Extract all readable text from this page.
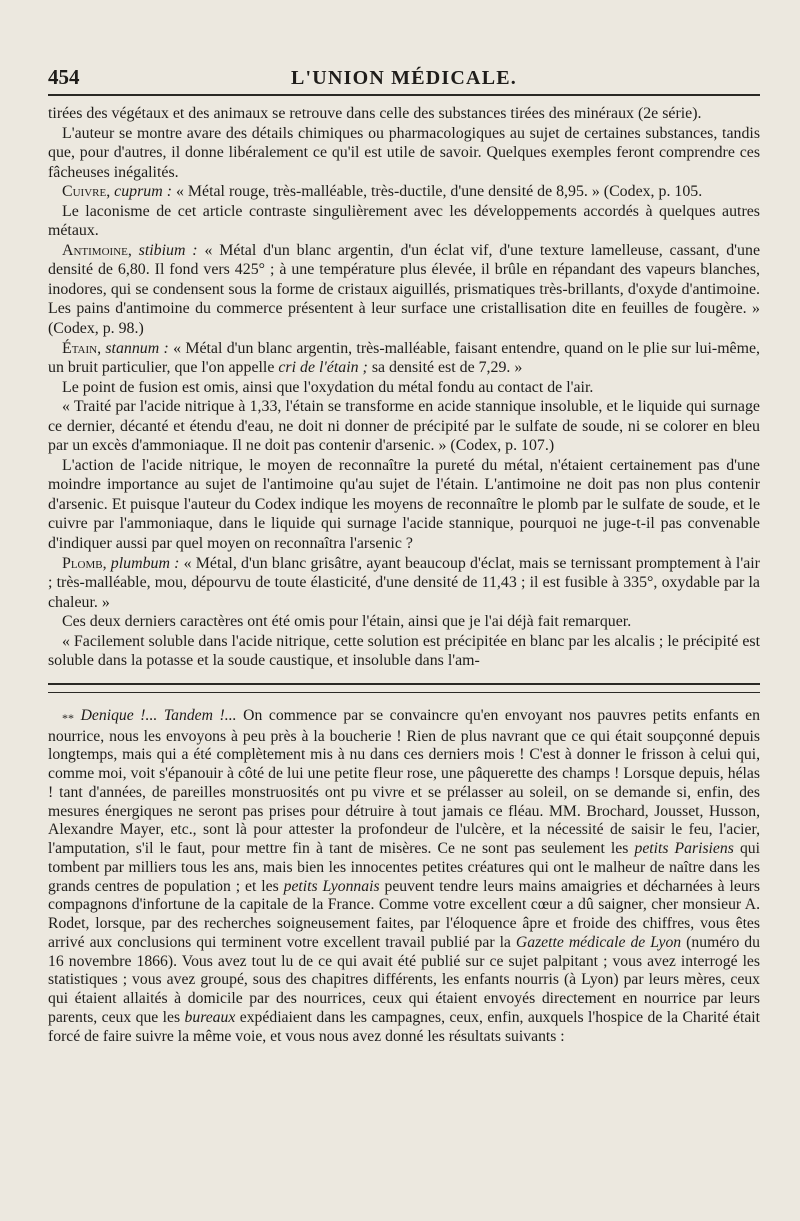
454	L'UNION MÉDICALE.

tirées des végétaux et des animaux se retrouve dans celle des substances tirées des minéraux (2e série).

L'auteur se montre avare des détails chimiques ou pharmacologiques au sujet de certaines substances, tandis que, pour d'autres, il donne libéralement ce qu'il est utile de savoir. Quelques exemples feront comprendre ces fâcheuses inégalités.

Cuivre, cuprum : « Métal rouge, très-malléable, très-ductile, d'une densité de 8,95. » (Codex, p. 105.

Le laconisme de cet article contraste singulièrement avec les développements accordés à quelques autres métaux.

Antimoine, stibium : « Métal d'un blanc argentin, d'un éclat vif, d'une texture lamelleuse, cassant, d'une densité de 6,80. Il fond vers 425° ; à une température plus élevée, il brûle en répandant des vapeurs blanches, inodores, qui se condensent sous la forme de cristaux aiguillés, prismatiques très-brillants, d'oxyde d'antimoine. Les pains d'antimoine du commerce présentent à leur surface une cristallisation dite en feuilles de fougère. » (Codex, p. 98.)

Étain, stannum : « Métal d'un blanc argentin, très-malléable, faisant entendre, quand on le plie sur lui-même, un bruit particulier, que l'on appelle cri de l'étain ; sa densité est de 7,29. »

Le point de fusion est omis, ainsi que l'oxydation du métal fondu au contact de l'air.

« Traité par l'acide nitrique à 1,33, l'étain se transforme en acide stannique insoluble, et le liquide qui surnage ce dernier, décanté et étendu d'eau, ne doit ni donner de précipité par le sulfate de soude, ni se colorer en bleu par un excès d'ammoniaque. Il ne doit pas contenir d'arsenic. » (Codex, p. 107.)

L'action de l'acide nitrique, le moyen de reconnaître la pureté du métal, n'étaient certainement pas d'une moindre importance au sujet de l'antimoine qu'au sujet de l'étain. L'antimoine ne doit pas non plus contenir d'arsenic. Et puisque l'auteur du Codex indique les moyens de reconnaître le plomb par le sulfate de soude, et le cuivre par l'ammoniaque, dans le liquide qui surnage l'acide stannique, pourquoi ne juge-t-il pas convenable d'indiquer aussi par quel moyen on reconnaîtra l'arsenic ?

Plomb, plumbum : « Métal, d'un blanc grisâtre, ayant beaucoup d'éclat, mais se ternissant promptement à l'air ; très-malléable, mou, dépourvu de toute élasticité, d'une densité de 11,43 ; il est fusible à 335°, oxydable par la chaleur. »

Ces deux derniers caractères ont été omis pour l'étain, ainsi que je l'ai déjà fait remarquer.

« Facilement soluble dans l'acide nitrique, cette solution est précipitée en blanc par les alcalis ; le précipité est soluble dans la potasse et la soude caustique, et insoluble dans l'am-

** Denique !... Tandem !... On commence par se convaincre qu'en envoyant nos pauvres petits enfants en nourrice, nous les envoyons à peu près à la boucherie ! Rien de plus navrant que ce qui était soupçonné depuis longtemps, mais qui a été complètement mis à nu dans ces derniers mois ! C'est à donner le frisson à celui qui, comme moi, voit s'épanouir à côté de lui une petite fleur rose, une pâquerette des champs ! Lorsque depuis, hélas ! tant d'années, de pareilles monstruosités ont pu vivre et se prélasser au soleil, on se demande si, enfin, des mesures énergiques ne seront pas prises pour détruire à tout jamais ce fléau. MM. Brochard, Jousset, Husson, Alexandre Mayer, etc., sont là pour attester la profondeur de l'ulcère, et la nécessité de saisir le feu, l'acier, l'amputation, s'il le faut, pour mettre fin à tant de misères. Ce ne sont pas seulement les petits Parisiens qui tombent par milliers tous les ans, mais bien les innocentes petites créatures qui ont le malheur de naître dans les grands centres de population ; et les petits Lyonnais peuvent tendre leurs mains amaigries et décharnées à leurs compagnons d'infortune de la capitale de la France. Comme votre excellent cœur a dû saigner, cher monsieur A. Rodet, lorsque, par des recherches soigneusement faites, par l'éloquence âpre et froide des chiffres, vous êtes arrivé aux conclusions qui terminent votre excellent travail publié par la Gazette médicale de Lyon (numéro du 16 novembre 1866). Vous avez tout lu de ce qui avait été publié sur ce sujet palpitant ; vous avez interrogé les statistiques ; vous avez groupé, sous des chapitres différents, les enfants nourris (à Lyon) par leurs mères, ceux qui étaient allaités à domicile par des nourrices, ceux qui étaient envoyés directement en nourrice par leurs parents, ceux que les bureaux expédiaient dans les campagnes, ceux, enfin, auxquels l'hospice de la Charité était forcé de faire suivre la même voie, et vous nous avez donné les résultats suivants :
